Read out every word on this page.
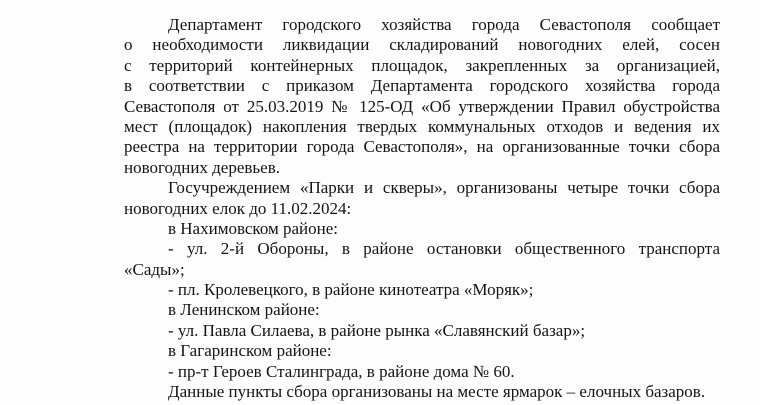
Департамент городского хозяйства города Севастополя сообщает
о необходимости ликвидации складирований новогодних елей, сосен
с территорий контейнерных площадок, закрепленных за организацией,
в соответствии с приказом Департамента городского хозяйства города
Севастополя от 25.03.2019 № 125-ОД «Об утверждении Правил обустройства
мест (площадок) накопления твердых коммунальных отходов и ведения их
реестра на территории города Севастополя», на организованные точки сбора
новогодних деревьев.
Госучреждением «Парки и скверы», организованы четыре точки сбора
новогодних елок до 11.02.2024:
в Нахимовском районе:
- ул. 2-й Обороны, в районе остановки общественного транспорта
«Сады»;
- пл. Кролевецкого, в районе кинотеатра «Моряк»;
в Ленинском районе:
- ул. Павла Силаева, в районе рынка «Славянский базар»;
в Гагаринском районе:
- пр-т Героев Сталинграда, в районе дома № 60.
Данные пункты сбора организованы на месте ярмарок – елочных базаров.
